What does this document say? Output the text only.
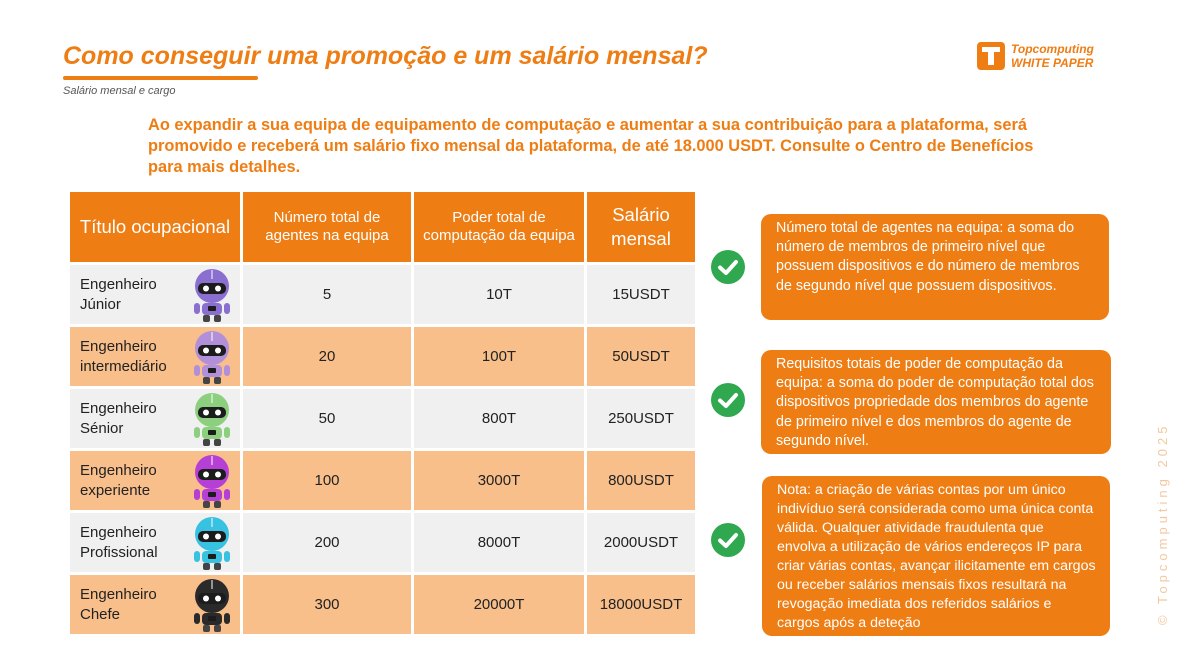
Como conseguir uma promoção e um salário mensal?
Salário mensal e cargo
Topcomputing
WHITE PAPER
Ao expandir a sua equipa de equipamento de computação e aumentar a sua contribuição para a plataforma, será promovido e receberá um salário fixo mensal da plataforma, de até 18.000 USDT. Consulte o Centro de Benefícios para mais detalhes.
Título ocupacional	Número total de agentes na equipa	Poder total de computação da equipa	Salário mensal

Engenheiro
Júnior	5	10T	15USDT

Engenheiro
intermediário	20	100T	50USDT

Engenheiro
Sénior	50	800T	250USDT

Engenheiro
experiente	100	3000T	800USDT

Engenheiro
Profissional	200	8000T	2000USDT

Engenheiro
Chefe	300	20000T	18000USDT
Número total de agentes na equipa: a soma do número de membros de primeiro nível que possuem dispositivos e do número de membros de segundo nível que possuem dispositivos.
Requisitos totais de poder de computação da equipa: a soma do poder de computação total dos dispositivos propriedade dos membros do agente de primeiro nível e dos membros do agente de segundo nível.
Nota: a criação de várias contas por um único indivíduo será considerada como uma única conta válida. Qualquer atividade fraudulenta que envolva a utilização de vários endereços IP para criar várias contas, avançar ilicitamente em cargos ou receber salários mensais fixos resultará na revogação imediata dos referidos salários e cargos após a deteção	© Topcomputing 2025
